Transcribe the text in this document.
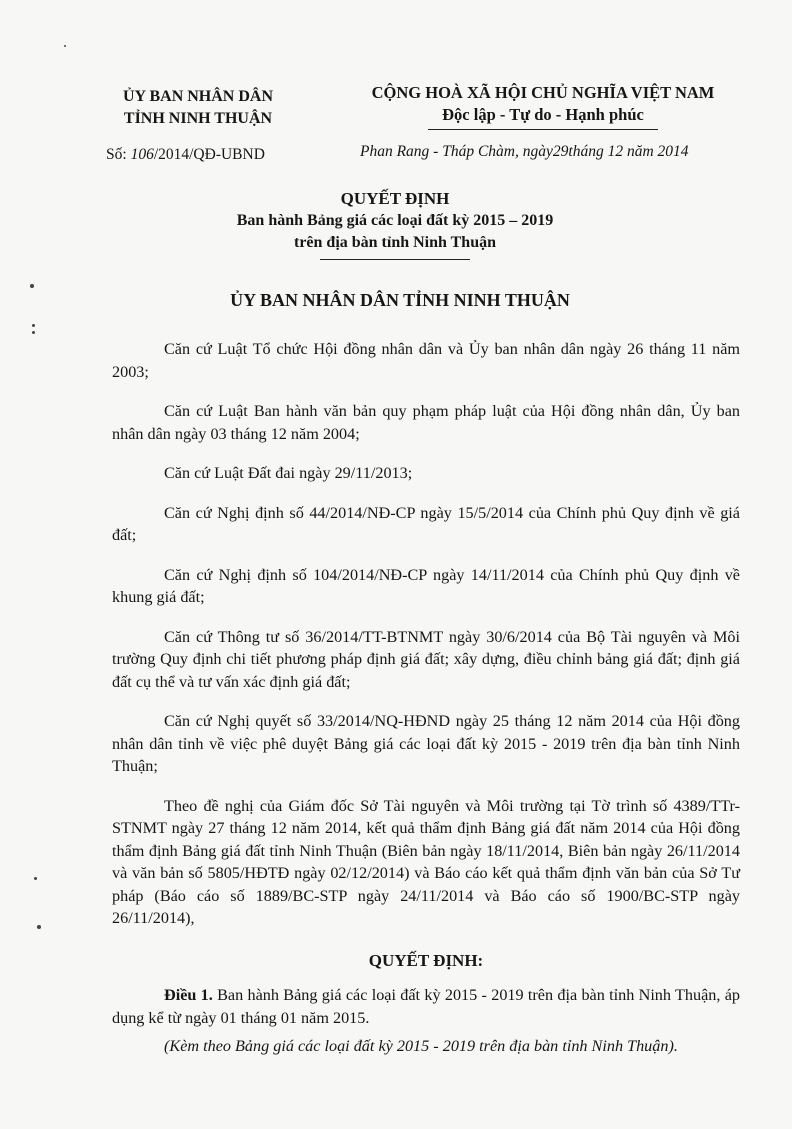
ỦY BAN NHÂN DÂN
TỈNH NINH THUẬN
CỘNG HOÀ XÃ HỘI CHỦ NGHĨA VIỆT NAM
Độc lập - Tự do - Hạnh phúc
Số: 106/2014/QĐ-UBND	Phan Rang - Tháp Chàm, ngày29tháng 12 năm 2014
QUYẾT ĐỊNH
Ban hành Bảng giá các loại đất kỳ 2015 – 2019
trên địa bàn tỉnh Ninh Thuận
ỦY BAN NHÂN DÂN TỈNH NINH THUẬN

Căn cứ Luật Tổ chức Hội đồng nhân dân và Ủy ban nhân dân ngày 26 tháng 11 năm 2003;

Căn cứ Luật Ban hành văn bản quy phạm pháp luật của Hội đồng nhân dân, Ủy ban nhân dân ngày 03 tháng 12 năm 2004;

Căn cứ Luật Đất đai ngày 29/11/2013;

Căn cứ Nghị định số 44/2014/NĐ-CP ngày 15/5/2014 của Chính phủ Quy định về giá đất;

Căn cứ Nghị định số 104/2014/NĐ-CP ngày 14/11/2014 của Chính phủ Quy định về khung giá đất;

Căn cứ Thông tư số 36/2014/TT-BTNMT ngày 30/6/2014 của Bộ Tài nguyên và Môi trường Quy định chi tiết phương pháp định giá đất; xây dựng, điều chỉnh bảng giá đất; định giá đất cụ thể và tư vấn xác định giá đất;

Căn cứ Nghị quyết số 33/2014/NQ-HĐND ngày 25 tháng 12 năm 2014 của Hội đồng nhân dân tỉnh về việc phê duyệt Bảng giá các loại đất kỳ 2015 - 2019 trên địa bàn tỉnh Ninh Thuận;

Theo đề nghị của Giám đốc Sở Tài nguyên và Môi trường tại Tờ trình số 4389/TTr-STNMT ngày 27 tháng 12 năm 2014, kết quả thẩm định Bảng giá đất năm 2014 của Hội đồng thẩm định Bảng giá đất tỉnh Ninh Thuận (Biên bản ngày 18/11/2014, Biên bản ngày 26/11/2014 và văn bản số 5805/HĐTĐ ngày 02/12/2014) và Báo cáo kết quả thẩm định văn bản của Sở Tư pháp (Báo cáo số 1889/BC-STP ngày 24/11/2014 và Báo cáo số 1900/BC-STP ngày 26/11/2014),

QUYẾT ĐỊNH:

Điều 1. Ban hành Bảng giá các loại đất kỳ 2015 - 2019 trên địa bàn tỉnh Ninh Thuận, áp dụng kể từ ngày 01 tháng 01 năm 2015.

(Kèm theo Bảng giá các loại đất kỳ 2015 - 2019 trên địa bàn tỉnh Ninh Thuận).
